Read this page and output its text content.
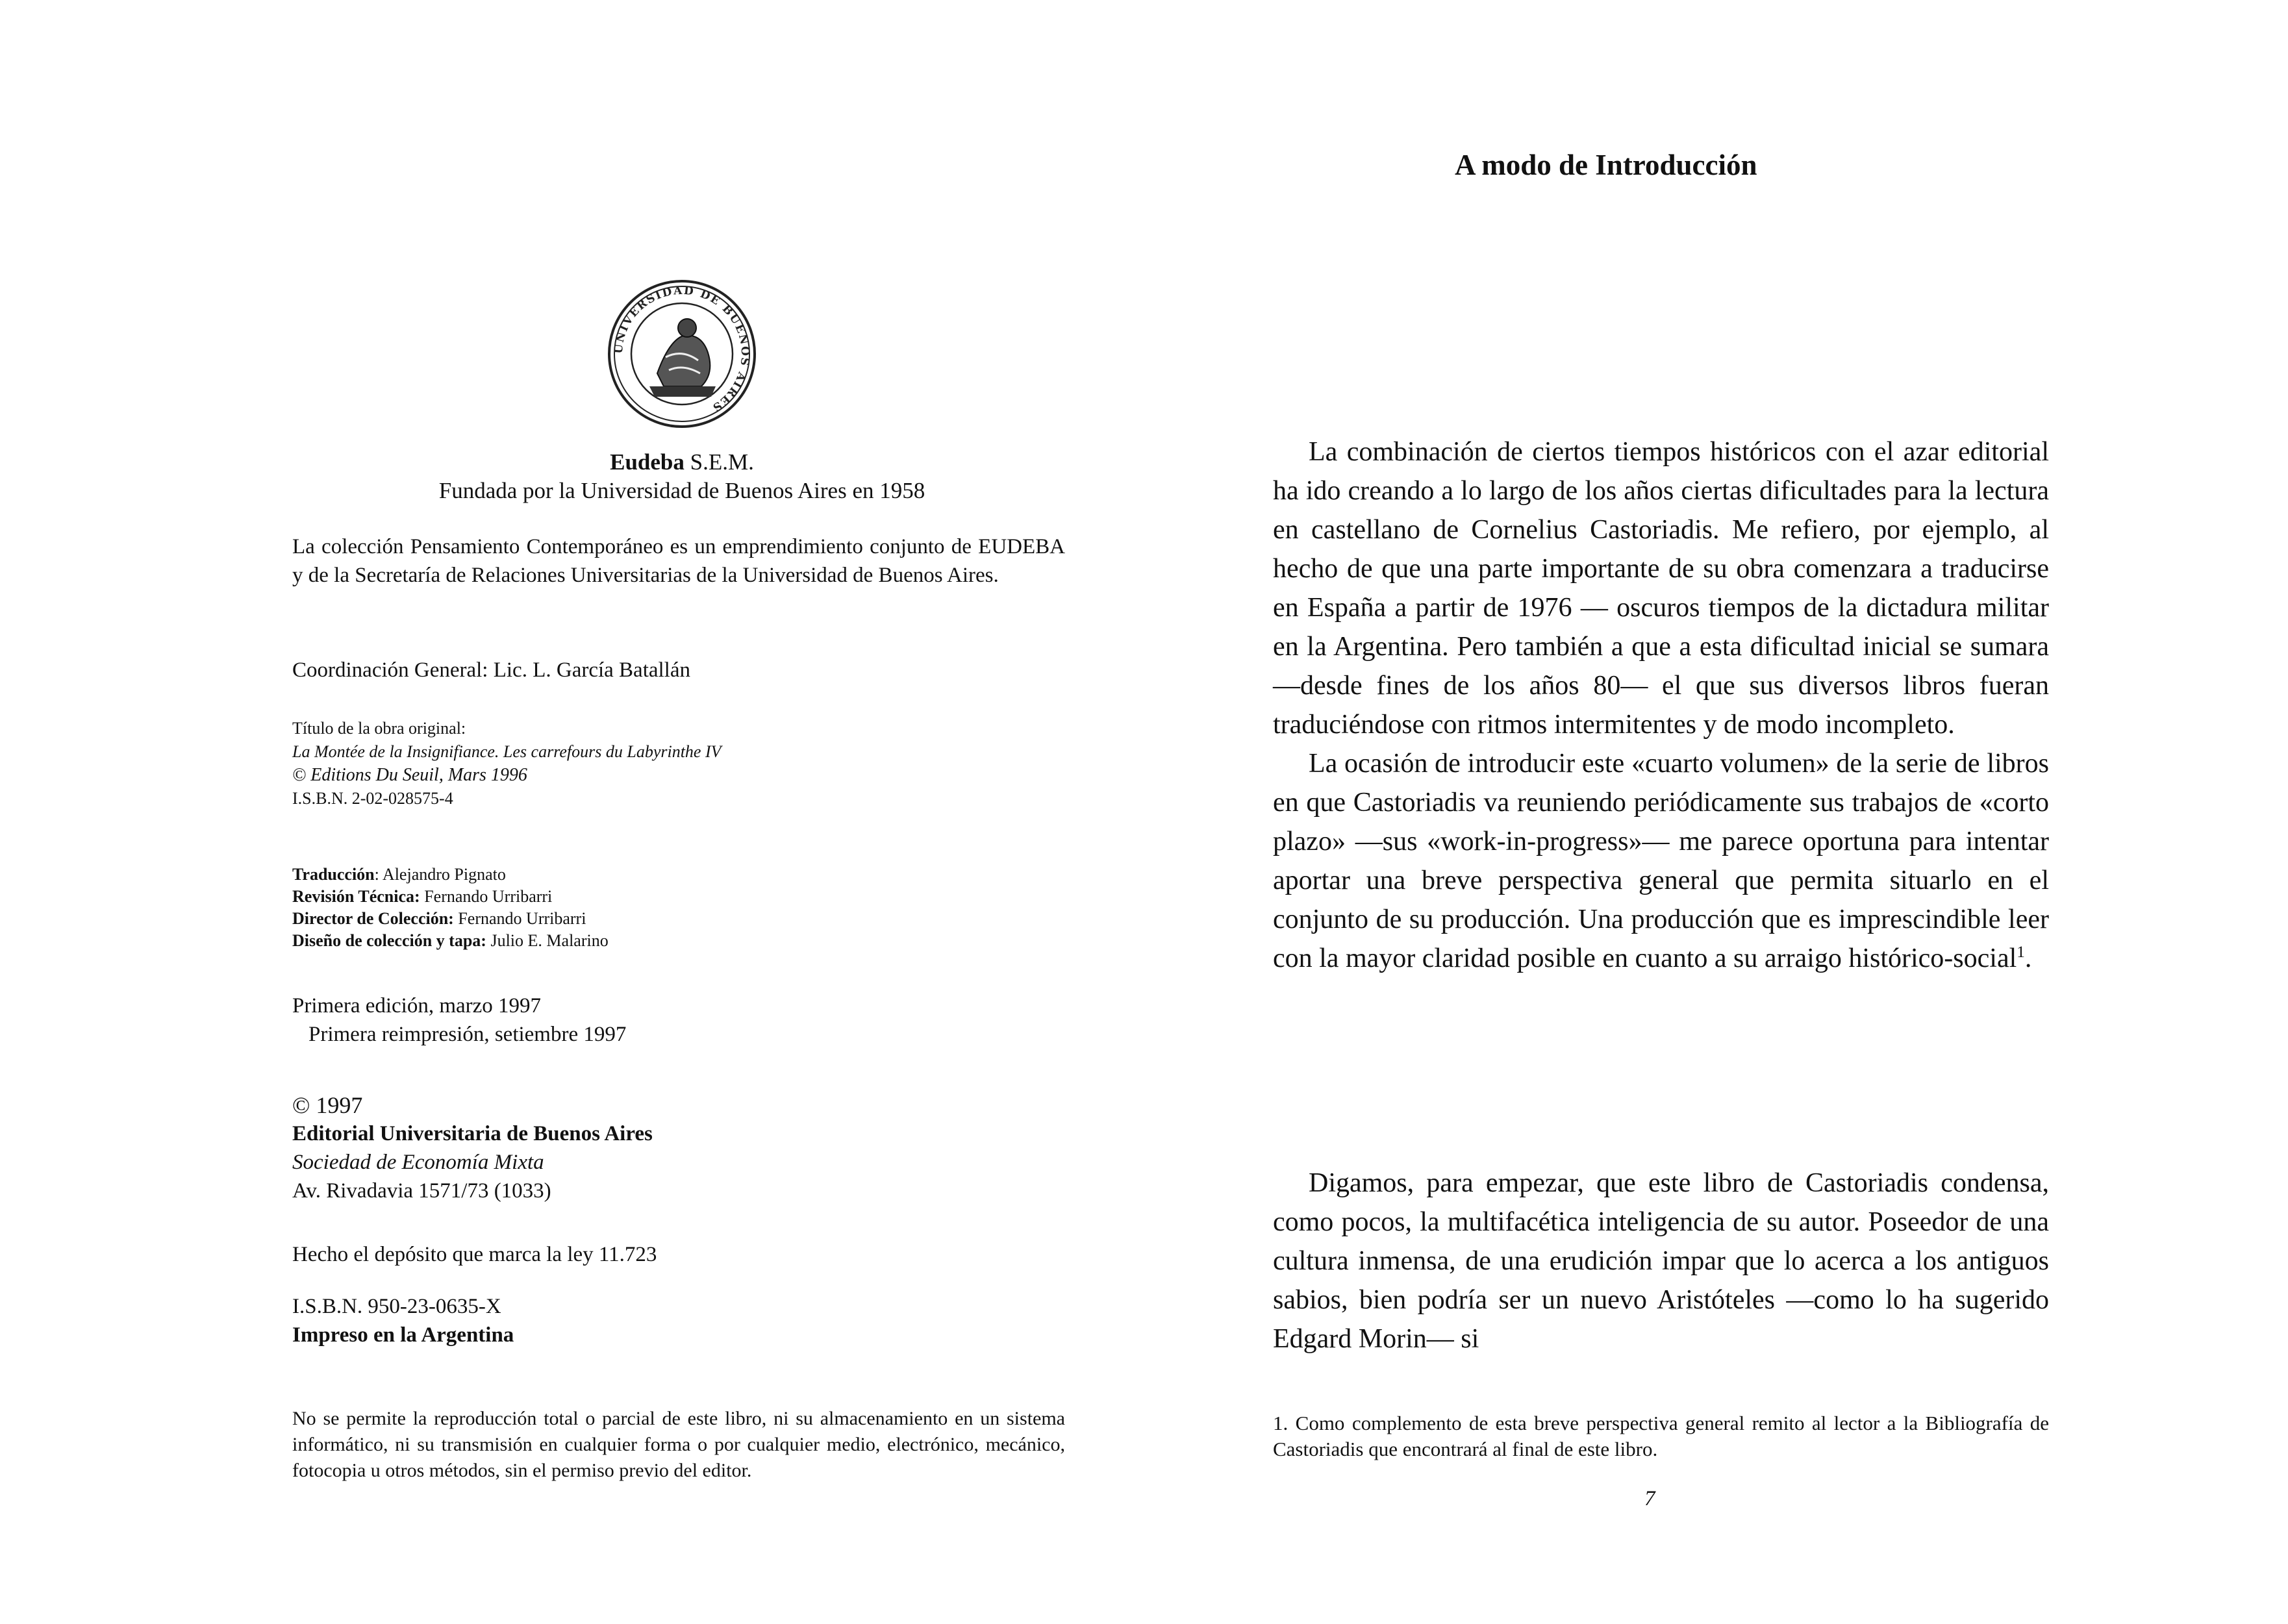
UNIVERSIDAD DE BUENOS AIRES
Eudeba S.E.M.
Fundada por la Universidad de Buenos Aires en 1958
La colección Pensamiento Contemporáneo es un emprendimiento conjunto de EUDEBA y de la Secretaría de Relaciones Universitarias de la Universidad de Buenos Aires.
Coordinación General: Lic. L. García Batallán
Título de la obra original:
La Montée de la Insignifiance. Les carrefours du Labyrinthe IV
© Editions Du Seuil, Mars 1996
I.S.B.N. 2-02-028575-4
Traducción: Alejandro Pignato
Revisión Técnica: Fernando Urribarri
Director de Colección: Fernando Urribarri
Diseño de colección y tapa: Julio E. Malarino
Primera edición, marzo 1997
Primera reimpresión, setiembre 1997
© 1997
Editorial Universitaria de Buenos Aires
Sociedad de Economía Mixta
Av. Rivadavia 1571/73 (1033)
Hecho el depósito que marca la ley 11.723
I.S.B.N. 950-23-0635-X
Impreso en la Argentina
No se permite la reproducción total o parcial de este libro, ni su almacenamiento en un sistema informático, ni su transmisión en cualquier forma o por cualquier medio, electrónico, mecánico, fotocopia u otros métodos, sin el permiso previo del editor.
A modo de Introducción

La combinación de ciertos tiempos históricos con el azar editorial ha ido creando a lo largo de los años ciertas dificultades para la lectura en castellano de Cornelius Castoriadis. Me refiero, por ejemplo, al hecho de que una parte importante de su obra comenzara a traducirse en España a partir de 1976 — oscuros tiempos de la dictadura militar en la Argentina. Pero también a que a esta dificultad inicial se sumara —desde fines de los años 80— el que sus diversos libros fueran traduciéndose con ritmos intermitentes y de modo incompleto.

La ocasión de introducir este «cuarto volumen» de la serie de libros en que Castoriadis va reuniendo periódicamente sus trabajos de «corto plazo» —sus «work-in-progress»— me parece oportuna para intentar aportar una breve perspectiva general que permita situarlo en el conjunto de su producción. Una producción que es imprescindible leer con la mayor claridad posible en cuanto a su arraigo histórico-social$^1$.

Digamos, para empezar, que este libro de Castoriadis condensa, como pocos, la multifacética inteligencia de su autor. Poseedor de una cultura inmensa, de una erudición impar que lo acerca a los antiguos sabios, bien podría ser un nuevo Aristóteles —como lo ha sugerido Edgard Morin— si

1. Como complemento de esta breve perspectiva general remito al lector a la Bibliografía de Castoriadis que encontrará al final de este libro.
7
